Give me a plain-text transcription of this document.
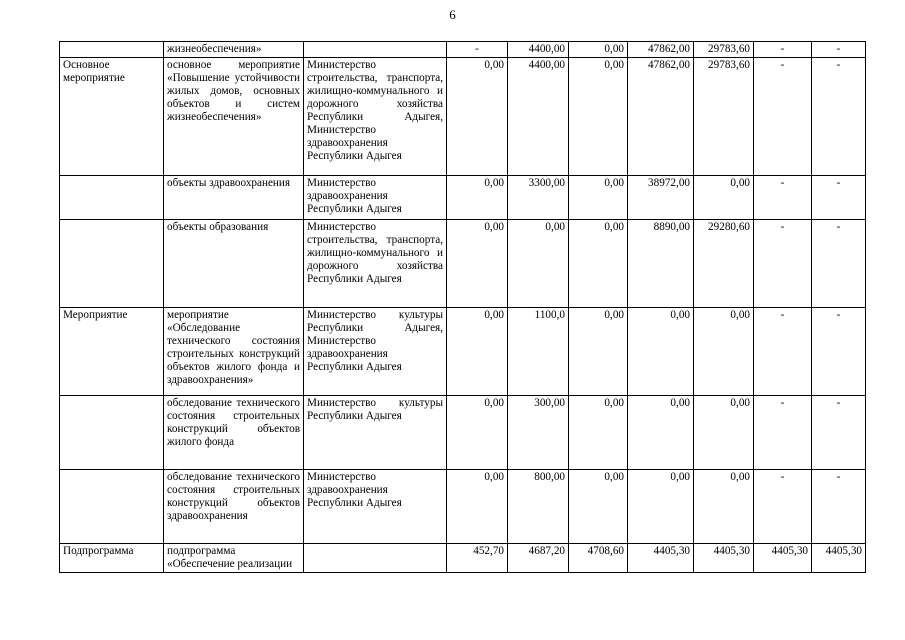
6
	жизнеобеспечения»		-	4400,00	0,00	47862,00	29783,60	-	-
Основное мероприятие	основное мероприятие «Повышение устойчивости жилых домов, основных объектов и систем жизнеобеспечения»	Министерство строительства, транспорта, жилищно-коммунального и дорожного хозяйства Республики Адыгея, Министерство здравоохранения Республики Адыгея	0,00	4400,00	0,00	47862,00	29783,60	-	-
	объекты здравоохранения	Министерство здравоохранения Республики Адыгея	0,00	3300,00	0,00	38972,00	0,00	-	-
	объекты образования	Министерство строительства, транспорта, жилищно-коммунального и дорожного хозяйства Республики Адыгея	0,00	0,00	0,00	8890,00	29280,60	-	-
Мероприятие	мероприятие «Обследование технического состояния строительных конструкций объектов жилого фонда и здравоохранения»	Министерство культуры Республики Адыгея, Министерство здравоохранения Республики Адыгея	0,00	1100,0	0,00	0,00	0,00	-	-
	обследование технического состояния строительных конструкций объектов жилого фонда	Министерство культуры Республики Адыгея	0,00	300,00	0,00	0,00	0,00	-	-
	обследование технического состояния строительных конструкций объектов здравоохранения	Министерство здравоохранения Республики Адыгея	0,00	800,00	0,00	0,00	0,00	-	-
Подпрограмма	подпрограмма «Обеспечение реализации		452,70	4687,20	4708,60	4405,30	4405,30	4405,30	4405,30
